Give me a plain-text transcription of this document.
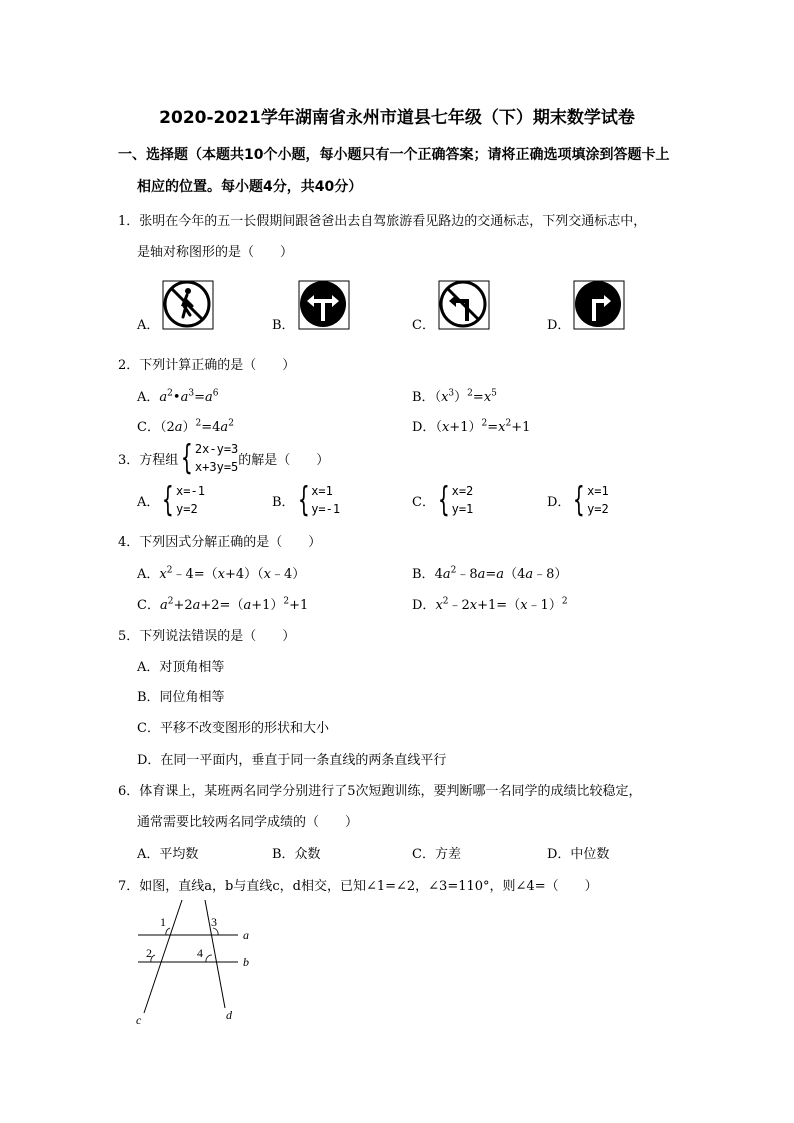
2020-2021学年湖南省永州市道县七年级（下）期末数学试卷
一、选择题（本题共10个小题，每小题只有一个正确答案；请将正确选项填涂到答题卡上
相应的位置。每小题4分，共40分）
1．张明在今年的五一长假期间跟爸爸出去自驾旅游看见路边的交通标志，下列交通标志中，
是轴对称图形的是（　　）
A．	B．	C．	D．
2．下列计算正确的是（　　）
A．$a^2•a^3=a^6$	B．$(x^3)^2=x^5$
C．$(2a)^2=4a^2$	D．$(x+1)^2=x^2+1$
3．方程组 { 2x-y=3
x+3y=5 的解是（　　）
A． { x=-1
y=2	B． { x=1
y=-1	C． { x=2
y=1	D． { x=1
y=2
4．下列因式分解正确的是（　　）
A．$x^2﹣4=(x+4)(x﹣4)$	B．$4a^2﹣8a=a(4a﹣8)$
C．$a^2+2a+2=(a+1)^2+1$	D．$x^2﹣2x+1=(x﹣1)^2$
5．下列说法错误的是（　　）
A．对顶角相等
B．同位角相等
C．平移不改变图形的形状和大小
D．在同一平面内，垂直于同一条直线的两条直线平行
6．体育课上，某班两名同学分别进行了5次短跑训练，要判断哪一名同学的成绩比较稳定，
通常需要比较两名同学成绩的（　　）
A．平均数	B．众数	C．方差	D．中位数
7．如图，直线a，b与直线c，d相交，已知∠1=∠2，∠3=110°，则∠4=（　　）
1	3
2	4
a
b
c	d
